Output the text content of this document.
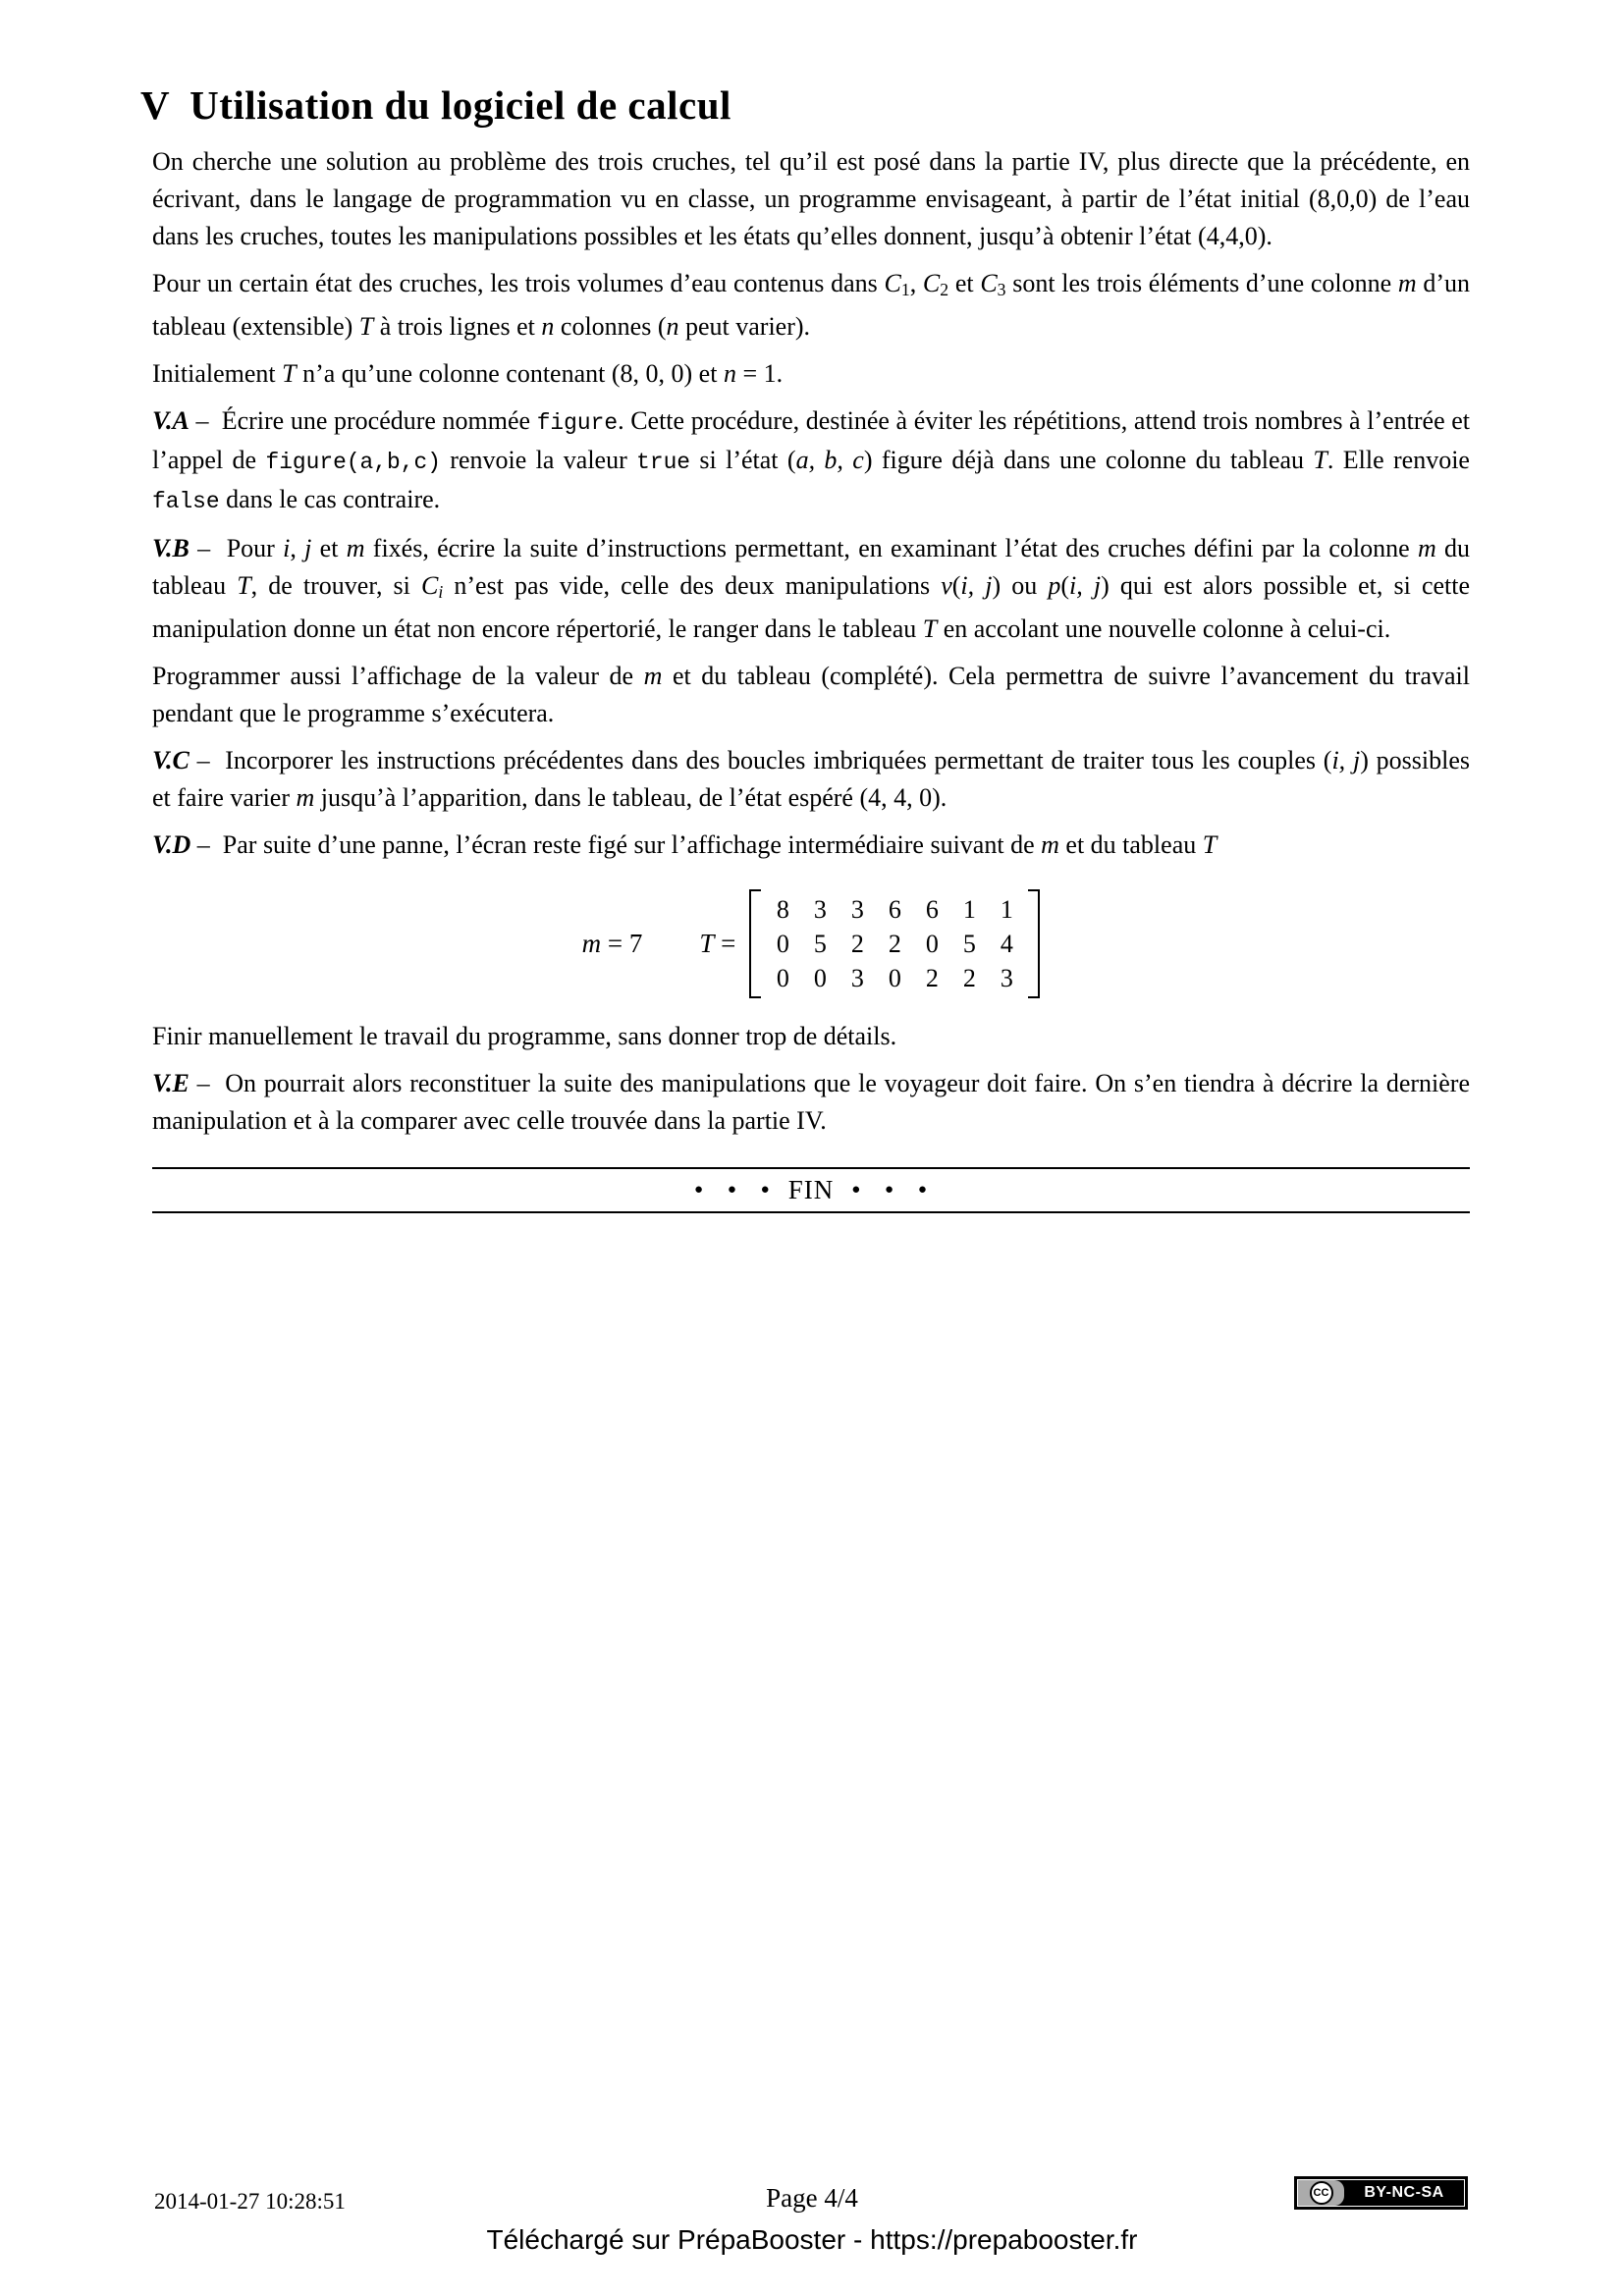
V Utilisation du logiciel de calcul

On cherche une solution au problème des trois cruches, tel qu’il est posé dans la partie IV, plus directe que la précédente, en écrivant, dans le langage de programmation vu en classe, un programme envisageant, à partir de l’état initial (8,0,0) de l’eau dans les cruches, toutes les manipulations possibles et les états qu’elles donnent, jusqu’à obtenir l’état (4,4,0).

Pour un certain état des cruches, les trois volumes d’eau contenus dans C1, C2 et C3 sont les trois éléments d’une colonne m d’un tableau (extensible) T à trois lignes et n colonnes (n peut varier).

Initialement T n’a qu’une colonne contenant (8, 0, 0) et n = 1.

V.A –  Écrire une procédure nommée figure. Cette procédure, destinée à éviter les répétitions, attend trois nombres à l’entrée et l’appel de figure(a,b,c) renvoie la valeur true si l’état (a, b, c) figure déjà dans une colonne du tableau T. Elle renvoie false dans le cas contraire.

V.B –  Pour i, j et m fixés, écrire la suite d’instructions permettant, en examinant l’état des cruches défini par la colonne m du tableau T, de trouver, si Ci n’est pas vide, celle des deux manipulations v(i, j) ou p(i, j) qui est alors possible et, si cette manipulation donne un état non encore répertorié, le ranger dans le tableau T en accolant une nouvelle colonne à celui-ci.

Programmer aussi l’affichage de la valeur de m et du tableau (complété). Cela permettra de suivre l’avancement du travail pendant que le programme s’exécutera.

V.C –  Incorporer les instructions précédentes dans des boucles imbriquées permettant de traiter tous les couples (i, j) possibles et faire varier m jusqu’à l’apparition, dans le tableau, de l’état espéré (4, 4, 0).

V.D –  Par suite d’une panne, l’écran reste figé sur l’affichage intermédiaire suivant de m et du tableau T

m = 7 T =
8 3 3 6 6 1 1
0 5 2 2 0 5 4
0 0 3 0 2 2 3

Finir manuellement le travail du programme, sans donner trop de détails.

V.E –  On pourrait alors reconstituer la suite des manipulations que le voyageur doit faire. On s’en tiendra à décrire la dernière manipulation et à la comparer avec celle trouvée dans la partie IV.

● ● ● FIN ● ● ●
2014-01-27 10:28:51	Page 4/4	CC	BY-NC-SA
Téléchargé sur PrépaBooster - https://prepabooster.fr
